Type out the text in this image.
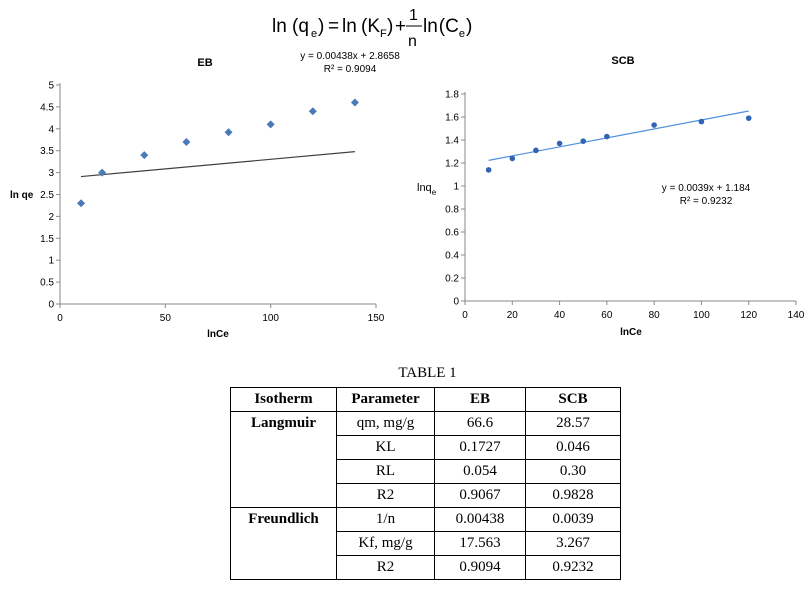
ln (q e ) = ln (K F ) +
1
n
ln (C e )
0
0.5
1
1.5
2
2.5
3
3.5
4
4.5
5
0	50	100	150
EB
lnCe
ln qe
y = 0.00438x + 2.8658
R² = 0.9094
0
0.2
0.4
0.6
0.8
1
1.2
1.4
1.6
1.8
0	20	40	60	80	100	120	140
SCB
lnCe
lnq$_e$	y = 0.0039x + 1.184
R² = 0.9232
TABLE 1
Isotherm	Parameter	EB	SCB
Langmuir	qm, mg/g	66.6	28.57
	KL	0.1727	0.046
	RL	0.054	0.30
	R2	0.9067	0.9828
Freundlich	1/n	0.00438	0.0039
	Kf, mg/g	17.563	3.267
	R2	0.9094	0.9232
